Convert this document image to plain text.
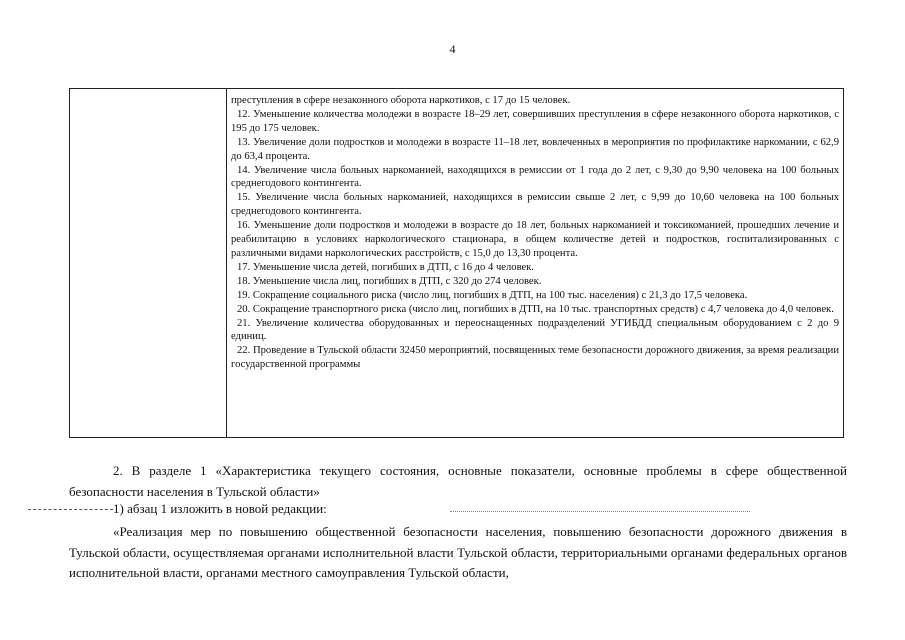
4

преступления в сфере незаконного оборота наркотиков, с 17 до 15 человек.

12. Уменьшение количества молодежи в возрасте 18–29 лет, совершивших преступления в сфере незаконного оборота наркотиков, с 195 до 175 человек.

13. Увеличение доли подростков и молодежи в возрасте 11–18 лет, вовлеченных в мероприятия по профилактике наркомании, с 62,9 до 63,4 процента.

14. Увеличение числа больных наркоманией, находящихся в ремиссии от 1 года до 2 лет, с 9,30 до 9,90 человека на 100 больных среднегодового контингента.

15. Увеличение числа больных наркоманией, находящихся в ремиссии свыше 2 лет, с 9,99 до 10,60 человека на 100 больных среднегодового контингента.

16. Уменьшение доли подростков и молодежи в возрасте до 18 лет, больных наркоманией и токсикоманией, прошедших лечение и реабилитацию в условиях наркологического стационара, в общем количестве детей и подростков, госпитализированных с различными видами наркологических расстройств, с 15,0 до 13,30 процента.

17. Уменьшение числа детей, погибших в ДТП, с 16 до 4 человек.

18. Уменьшение числа лиц, погибших в ДТП, с 320 до 274 человек.

19. Сокращение социального риска (число лиц, погибших в ДТП, на 100 тыс. населения) с 21,3 до 17,5 человека.

20. Сокращение транспортного риска (число лиц, погибших в ДТП, на 10 тыс. транспортных средств) с 4,7 человека до 4,0 человек.

21. Увеличение количества оборудованных и переоснащенных подразделений УГИБДД специальным оборудованием с 2 до 9 единиц.

22. Проведение в Тульской области 32450 мероприятий, посвященных теме безопасности дорожного движения, за время реализации государственной программы

2. В разделе 1 «Характеристика текущего состояния, основные показатели, основные проблемы в сфере общественной безопасности населения в Тульской области»

1) абзац 1 изложить в новой редакции:

«Реализация мер по повышению общественной безопасности населения, повышению безопасности дорожного движения в Тульской области, осуществляемая органами исполнительной власти Тульской области, территориальными органами федеральных органов исполнительной власти, органами местного самоуправления Тульской области,
